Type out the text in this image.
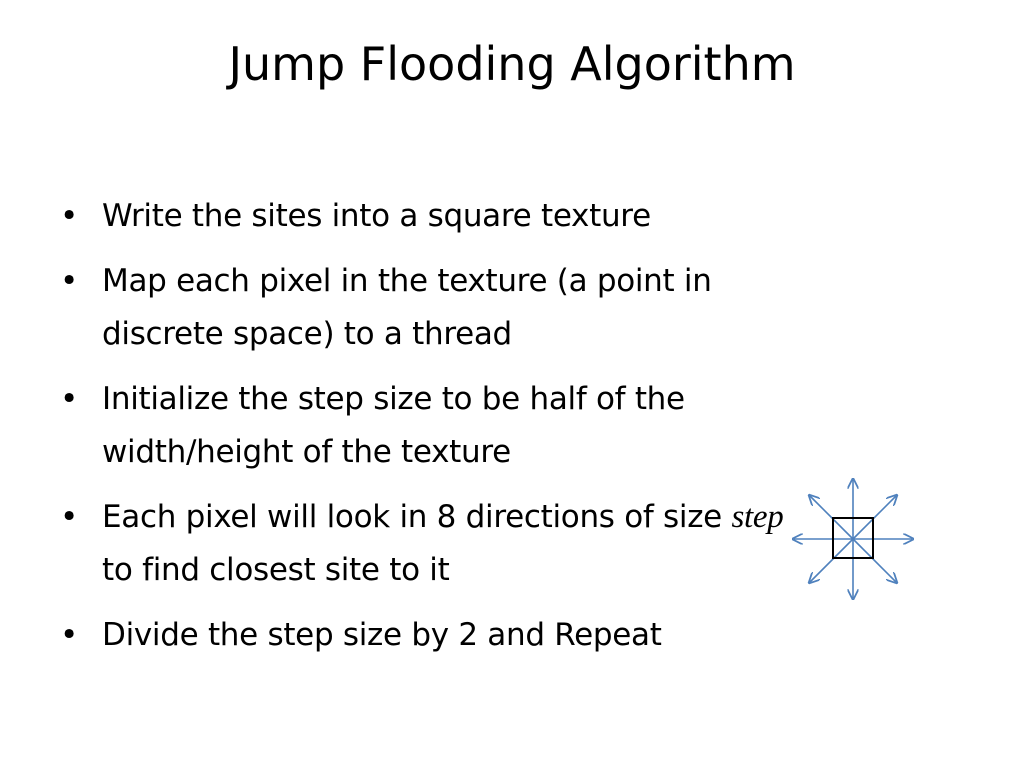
Jump Flooding Algorithm
• Write the sites into a square texture
• Map each pixel in the texture (a point in discrete space) to a thread
• Initialize the step size to be half of the width/height of the texture
• Each pixel will look in 8 directions of size step to find closest site to it
• Divide the step size by 2 and Repeat
